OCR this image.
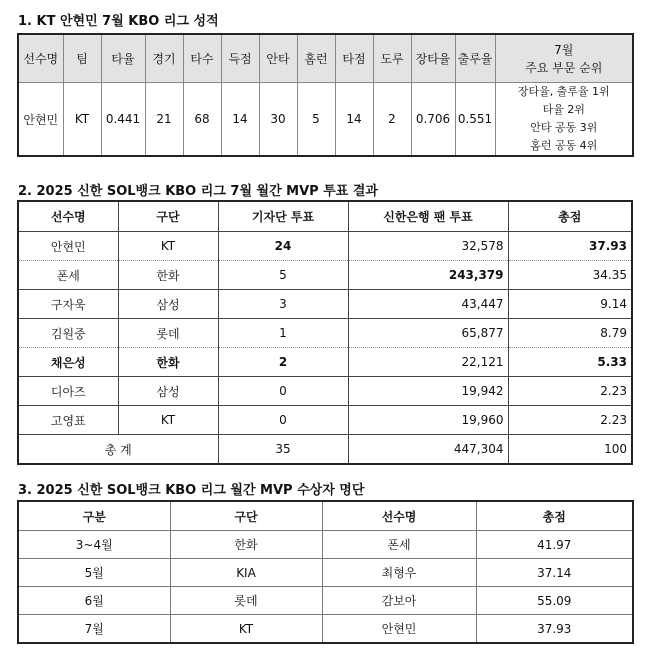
1. KT 안현민 7월 KBO 리그 성적
선수명	팀	타율	경기	타수	득점	안타	홈런	타점	도루	장타율	출루율	7월
주요 부문 순위

안현민	KT	0.441	21	68	14	30	5	14	2	0.706	0.551	장타율, 출루율 1위
타율 2위
안타 공동 3위
홈런 공동 4위
2. 2025 신한 SOL뱅크 KBO 리그 7월 월간 MVP 투표 결과
선수명	구단	기자단 투표	신한은행 팬 투표	총점
안현민	KT	24	32,578	37.93
폰세	한화	5	243,379	34.35
구자욱	삼성	3	43,447	9.14
김원중	롯데	1	65,877	8.79
채은성	한화	2	22,121	5.33
디아즈	삼성	0	19,942	2.23
고영표	KT	0	19,960	2.23
총 계		35	447,304	100
3. 2025 신한 SOL뱅크 KBO 리그 월간 MVP 수상자 명단
구분	구단	선수명	총점
3~4월	한화	폰세	41.97
5월	KIA	최형우	37.14
6월	롯데	감보아	55.09
7월	KT	안현민	37.93
